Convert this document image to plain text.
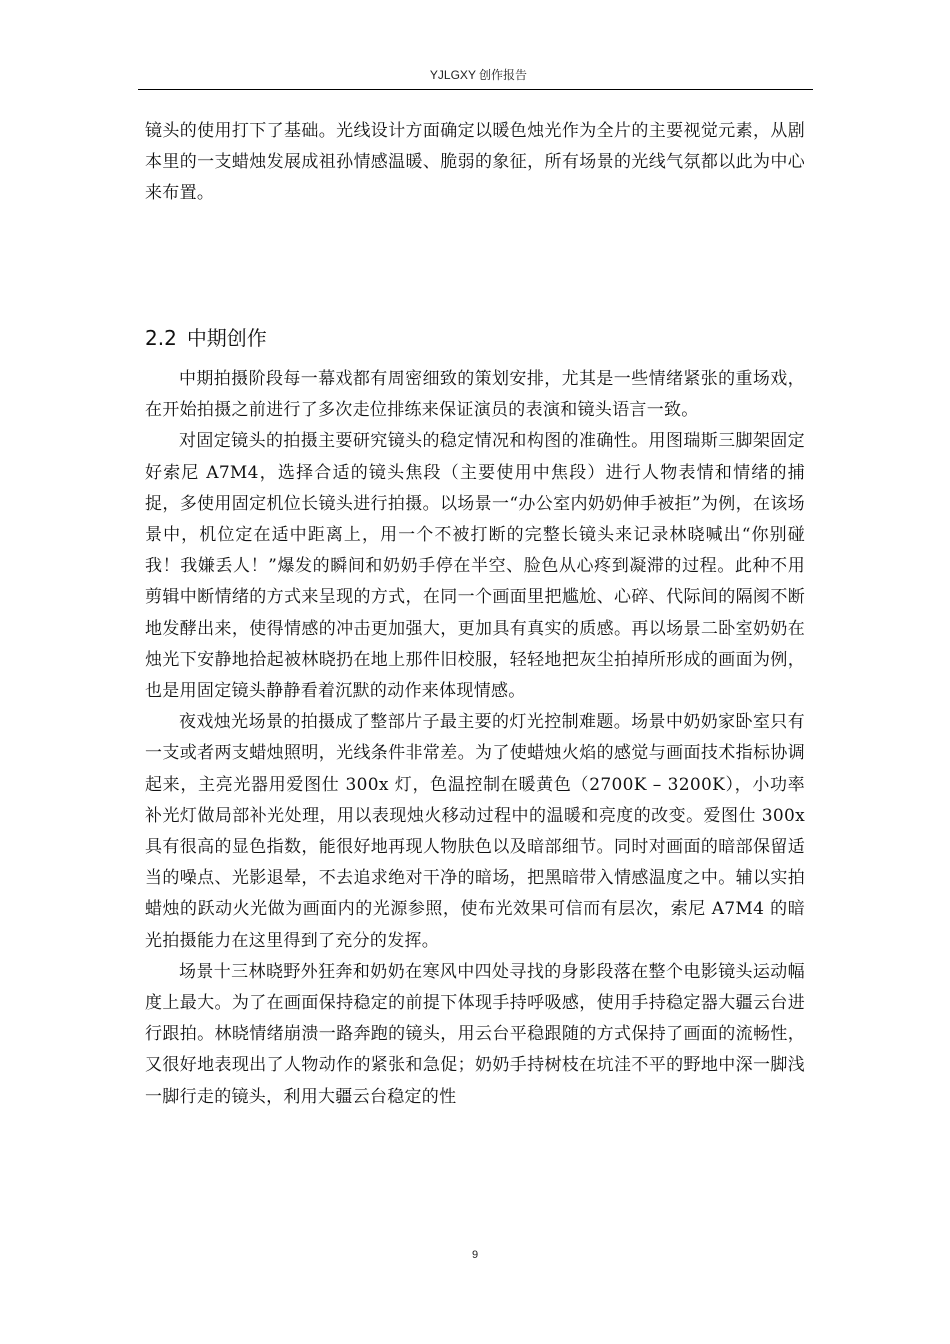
YJLGXY 创作报告
镜头的使用打下了基础。光线设计方面确定以暖色烛光作为全片的主要视觉元素，从剧本里的一支蜡烛发展成祖孙情感温暖、脆弱的象征，所有场景的光线气氛都以此为中心来布置。
2.2 中期创作

中期拍摄阶段每一幕戏都有周密细致的策划安排，尤其是一些情绪紧张的重场戏，在开始拍摄之前进行了多次走位排练来保证演员的表演和镜头语言一致。

对固定镜头的拍摄主要研究镜头的稳定情况和构图的准确性。用图瑞斯三脚架固定好索尼 A7M4，选择合适的镜头焦段（主要使用中焦段）进行人物表情和情绪的捕捉，多使用固定机位长镜头进行拍摄。以场景一“办公室内奶奶伸手被拒”为例，在该场景中，机位定在适中距离上，用一个不被打断的完整长镜头来记录林晓喊出“你别碰我！我嫌丢人！”爆发的瞬间和奶奶手停在半空、脸色从心疼到凝滞的过程。此种不用剪辑中断情绪的方式来呈现的方式，在同一个画面里把尴尬、心碎、代际间的隔阂不断地发酵出来，使得情感的冲击更加强大，更加具有真实的质感。再以场景二卧室奶奶在烛光下安静地拾起被林晓扔在地上那件旧校服，轻轻地把灰尘拍掉所形成的画面为例，也是用固定镜头静静看着沉默的动作来体现情感。

夜戏烛光场景的拍摄成了整部片子最主要的灯光控制难题。场景中奶奶家卧室只有一支或者两支蜡烛照明，光线条件非常差。为了使蜡烛火焰的感觉与画面技术指标协调起来，主亮光器用爱图仕 300x 灯，色温控制在暖黄色（2700K – 3200K），小功率补光灯做局部补光处理，用以表现烛火移动过程中的温暖和亮度的改变。爱图仕 300x 具有很高的显色指数，能很好地再现人物肤色以及暗部细节。同时对画面的暗部保留适当的噪点、光影退晕，不去追求绝对干净的暗场，把黑暗带入情感温度之中。辅以实拍蜡烛的跃动火光做为画面内的光源参照，使布光效果可信而有层次，索尼 A7M4 的暗光拍摄能力在这里得到了充分的发挥。

场景十三林晓野外狂奔和奶奶在寒风中四处寻找的身影段落在整个电影镜头运动幅度上最大。为了在画面保持稳定的前提下体现手持呼吸感，使用手持稳定器大疆云台进行跟拍。林晓情绪崩溃一路奔跑的镜头，用云台平稳跟随的方式保持了画面的流畅性，又很好地表现出了人物动作的紧张和急促；奶奶手持树枝在坑洼不平的野地中深一脚浅一脚行走的镜头，利用大疆云台稳定的性

9
